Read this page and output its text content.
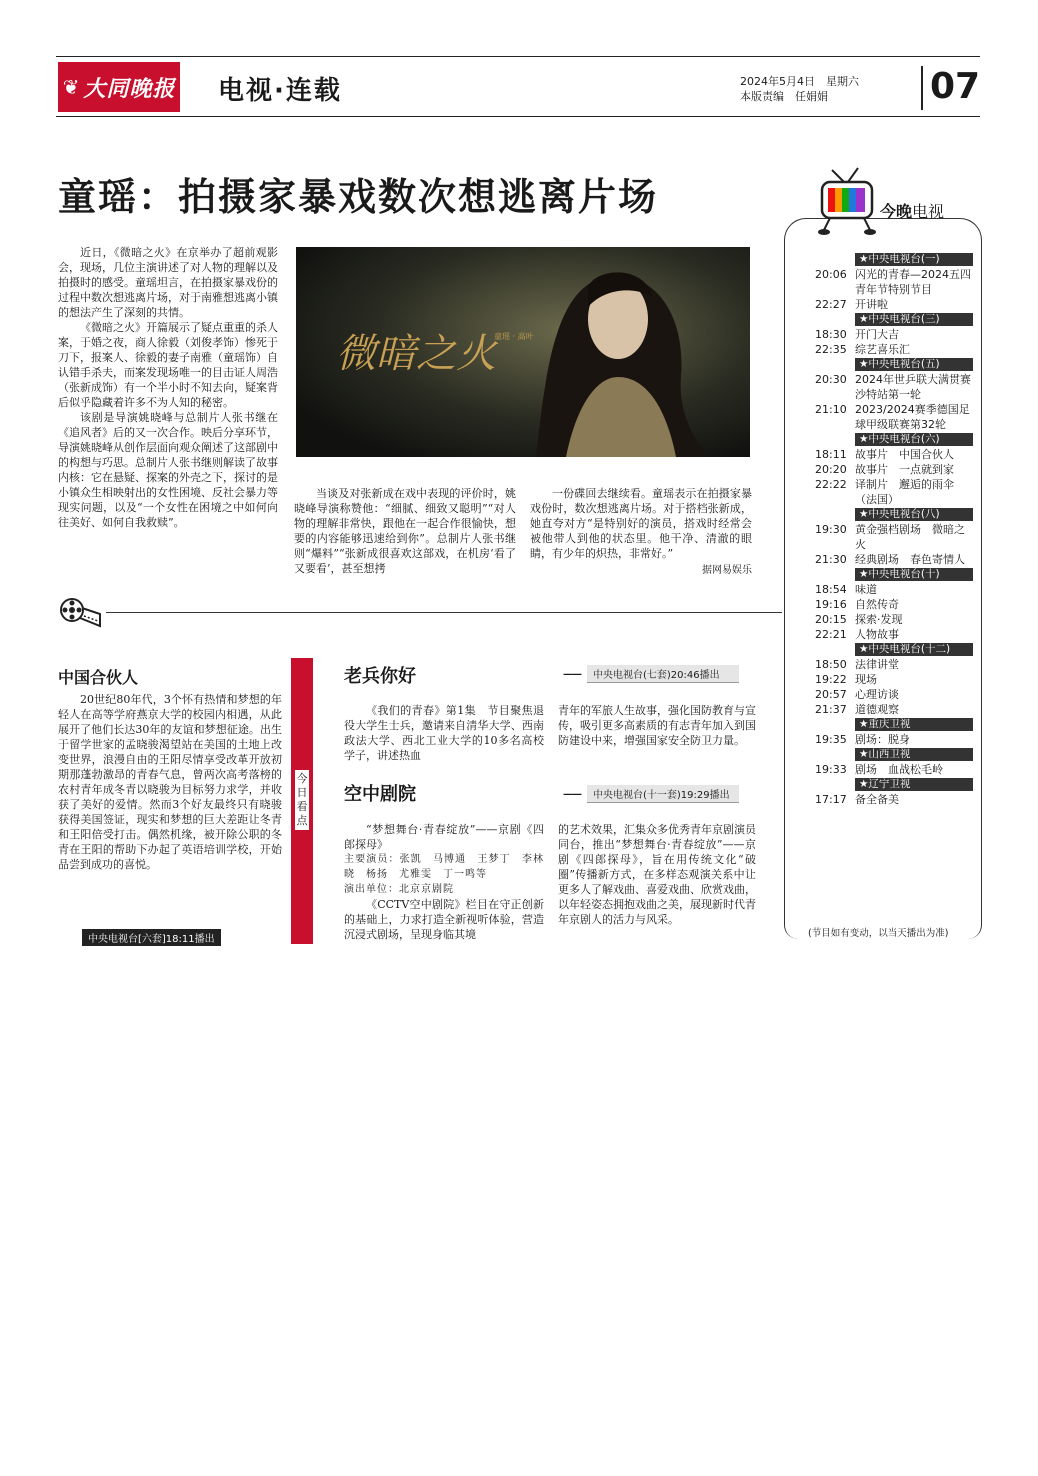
❦ 大同晚报 电视·连载	2024年5月4日　星期六
本版责编　任娟娟	07
童瑶：拍摄家暴戏数次想逃离片场

近日，《微暗之火》在京举办了超前观影会，现场，几位主演讲述了对人物的理解以及拍摄时的感受。童瑶坦言，在拍摄家暴戏份的过程中数次想逃离片场，对于南雅想逃离小镇的想法产生了深刻的共情。

《微暗之火》开篇展示了疑点重重的杀人案，于婚之夜，商人徐毅（刘俊孝饰）惨死于刀下，报案人、徐毅的妻子南雅（童瑶饰）自认错手杀夫，而案发现场唯一的目击证人周浩（张新成饰）有一个半小时不知去向，疑案背后似乎隐藏着许多不为人知的秘密。

该剧是导演姚晓峰与总制片人张书继在《追风者》后的又一次合作。映后分享环节，导演姚晓峰从创作层面向观众阐述了这部剧中的构想与巧思。总制片人张书继则解读了故事内核：它在悬疑、探案的外壳之下，探讨的是小镇众生相映射出的女性困境、反社会暴力等现实问题，以及“一个女性在困境之中如何向往美好、如何自我救赎”。

微暗之火
童瑶 · 高叶

当谈及对张新成在戏中表现的评价时，姚晓峰导演称赞他：“细腻、细致又聪明”“对人物的理解非常快，跟他在一起合作很愉快，想要的内容能够迅速给到你”。总制片人张书继则“爆料”“张新成很喜欢这部戏，在机房‘看了又要看’，甚至想拷

一份碟回去继续看。童瑶表示在拍摄家暴戏份时，数次想逃离片场。对于搭档张新成，她直夸对方“是特别好的演员，搭戏时经常会被他带人到他的状态里。他干净、清澈的眼睛，有少年的炽热，非常好。”

据网易娱乐
中国合伙人

20世纪80年代，3个怀有热情和梦想的年轻人在高等学府燕京大学的校园内相遇，从此展开了他们长达30年的友谊和梦想征途。出生于留学世家的孟晓骏渴望站在美国的土地上改变世界，浪漫自由的王阳尽情享受改革开放初期那蓬勃激昂的青春气息，曾两次高考落榜的农村青年成冬青以晓骏为目标努力求学，并收获了美好的爱情。然而3个好友最终只有晓骏获得美国签证，现实和梦想的巨大差距让冬青和王阳倍受打击。偶然机缘，被开除公职的冬青在王阳的帮助下办起了英语培训学校，开始品尝到成功的喜悦。

中央电视台[六套]18:11播出
今日看点
老兵你好	——	中央电视台(七套)20:46播出

《我们的青春》第1集　节目聚焦退役大学生士兵，邀请来自清华大学、西南政法大学、西北工业大学的10多名高校学子，讲述热血

青年的军旅人生故事，强化国防教育与宣传，吸引更多高素质的有志青年加入到国防建设中来，增强国家安全防卫力量。

空中剧院	——	中央电视台(十一套)19:29播出

“梦想舞台·青春绽放”——京剧《四郎探母》

主要演员：张凯　马博通　王梦丁　李林晓　杨扬　尤雅雯　丁一鸣等

演出单位：北京京剧院

《CCTV空中剧院》栏目在守正创新的基础上，力求打造全新视听体验，营造沉浸式剧场，呈现身临其境

的艺术效果，汇集众多优秀青年京剧演员同台，推出“梦想舞台·青春绽放”——京剧《四郎探母》，旨在用传统文化“破圈”传播新方式，在多样态观演关系中让更多人了解戏曲、喜爱戏曲、欣赏戏曲，以年轻姿态拥抱戏曲之美，展现新时代青年京剧人的活力与风采。

今晚电视
★中央电视台(一)
20:06 闪光的青春—2024五四青年节特别节目
22:27 开讲啦
★中央电视台(三)
18:30 开门大吉
22:35 综艺喜乐汇
★中央电视台(五)
20:30 2024年世乒联大满贯赛沙特站第一轮
21:10 2023/2024赛季德国足球甲级联赛第32轮
★中央电视台(六)
18:11 故事片　中国合伙人
20:20 故事片　一点就到家
22:22 译制片　邂逅的雨伞（法国）
★中央电视台(八)
19:30 黄金强档剧场　微暗之火
21:30 经典剧场　春色寄情人
★中央电视台(十)
18:54 味道
19:16 自然传奇
20:15 探索·发现
22:21 人物故事
★中央电视台(十二)
18:50 法律讲堂
19:22 现场
20:57 心理访谈
21:37 道德观察
★重庆卫视
19:35 剧场：脱身
★山西卫视
19:33 剧场　血战松毛岭
★辽宁卫视
17:17 备全备美
(节目如有变动，以当天播出为准)
